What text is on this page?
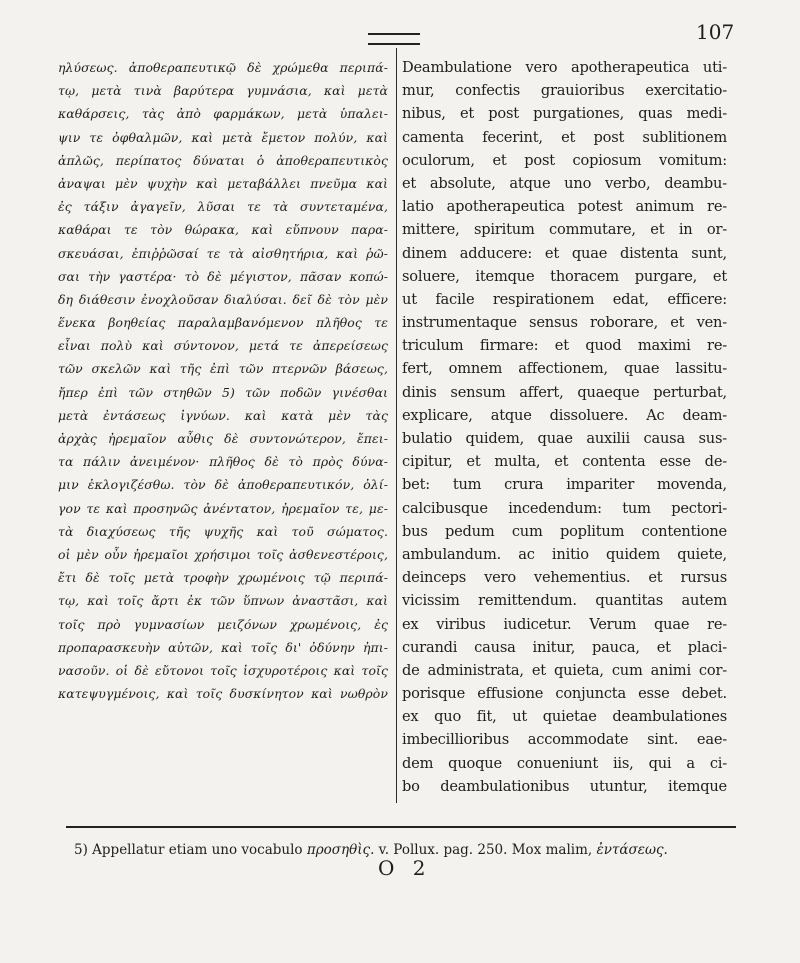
107
ηλύσεως. ἀποθεραπευτικῷ δὲ χρώμεθα περιπά-
τῳ, μετὰ τινὰ βαρύτερα γυμνάσια, καὶ μετὰ
καθάρσεις, τὰς ἀπὸ φαρμάκων, μετὰ ὑπαλει-
ψιν τε ὀφθαλμῶν, καὶ μετὰ ἔμετον πολύν, καὶ
ἁπλῶς, περίπατος δύναται ὁ ἀποθεραπευτικὸς
ἀναψαι μὲν ψυχὴν καὶ μεταβάλλει πνεῦμα καὶ
ἐς τάξιν ἀγαγεῖν, λῦσαι τε τὰ συντεταμένα,
καθάραι τε τὸν θώρακα, καὶ εὔπνουν παρα-
σκευάσαι, ἐπιῤῥῶσαί τε τὰ αἰσθητήρια, καὶ ῥῶ-
σαι τὴν γαστέρα· τὸ δὲ μέγιστον, πᾶσαν κοπώ-
δη διάθεσιν ἐνοχλοῦσαν διαλύσαι. δεῖ δὲ τὸν μὲν
ἕνεκα βοηθείας παραλαμβανόμενον πλῆθος τε
εἶναι πολὺ καὶ σύντονον, μετά τε ἀπερείσεως
τῶν σκελῶν καὶ τῆς ἐπὶ τῶν πτερνῶν βάσεως,
ἤπερ ἐπὶ τῶν στηθῶν 5) τῶν ποδῶν γινέσθαι
μετὰ ἐντάσεως ἰγνύων. καὶ κατὰ μὲν τὰς
ἀρχὰς ἠρεμαῖον αὖθις δὲ συντονώτερον, ἔπει-
τα πάλιν ἀνειμένον· πλῆθος δὲ τὸ πρὸς δύνα-
μιν ἐκλογιζέσθω. τὸν δὲ ἀποθεραπευτικόν, ὀλί-
γον τε καὶ προσηνῶς ἀνέντατον, ἠρεμαῖον τε, με-
τὰ διαχύσεως τῆς ψυχῆς καὶ τοῦ σώματος.
οἱ μὲν οὖν ἠρεμαῖοι χρήσιμοι τοῖς ἀσθενεστέροις,
ἔτι δὲ τοῖς μετὰ τροφὴν χρωμένοις τῷ περιπά-
τῳ, καὶ τοῖς ἄρτι ἐκ τῶν ὕπνων ἀναστᾶσι, καὶ
τοῖς πρὸ γυμνασίων μειζόνων χρωμένοις, ἐς
προπαρασκευὴν αὐτῶν, καὶ τοῖς δι' ὀδύνην ἠπι-
νασοῦν. οἱ δὲ εὔτονοι τοῖς ἰσχυροτέροις καὶ τοῖς
κατεψυγμένοις, καὶ τοῖς δυσκίνητον καὶ νωθρὸν
Deambulatione vero apotherapeutica uti-
mur, confectis grauioribus exercitatio-
nibus, et post purgationes, quas medi-
camenta fecerint, et post sublitionem
oculorum, et post copiosum vomitum:
et absolute, atque uno verbo, deambu-
latio apotherapeutica potest animum re-
mittere, spiritum commutare, et in or-
dinem adducere: et quae distenta sunt,
soluere, itemque thoracem purgare, et
ut facile respirationem edat, efficere:
instrumentaque sensus roborare, et ven-
triculum firmare: et quod maximi re-
fert, omnem affectionem, quae lassitu-
dinis sensum affert, quaeque perturbat,
explicare, atque dissoluere. Ac deam-
bulatio quidem, quae auxilii causa sus-
cipitur, et multa, et contenta esse de-
bet: tum crura impariter movenda,
calcibusque incedendum: tum pectori-
bus pedum cum poplitum contentione
ambulandum. ac initio quidem quiete,
deinceps vero vehementius. et rursus
vicissim remittendum. quantitas autem
ex viribus iudicetur. Verum quae re-
curandi causa initur, pauca, et placi-
de administrata, et quieta, cum animi cor-
porisque effusione conjuncta esse debet.
ex quo fit, ut quietae deambulationes
imbecillioribus accommodate sint. eae-
dem quoque conueniunt iis, qui a ci-
bo deambulationibus utuntur, itemque
5) Appellatur etiam uno vocabulo προσηθὶς. v. Pollux. pag. 250. Mox malim, ἐντάσεως.
O 2
